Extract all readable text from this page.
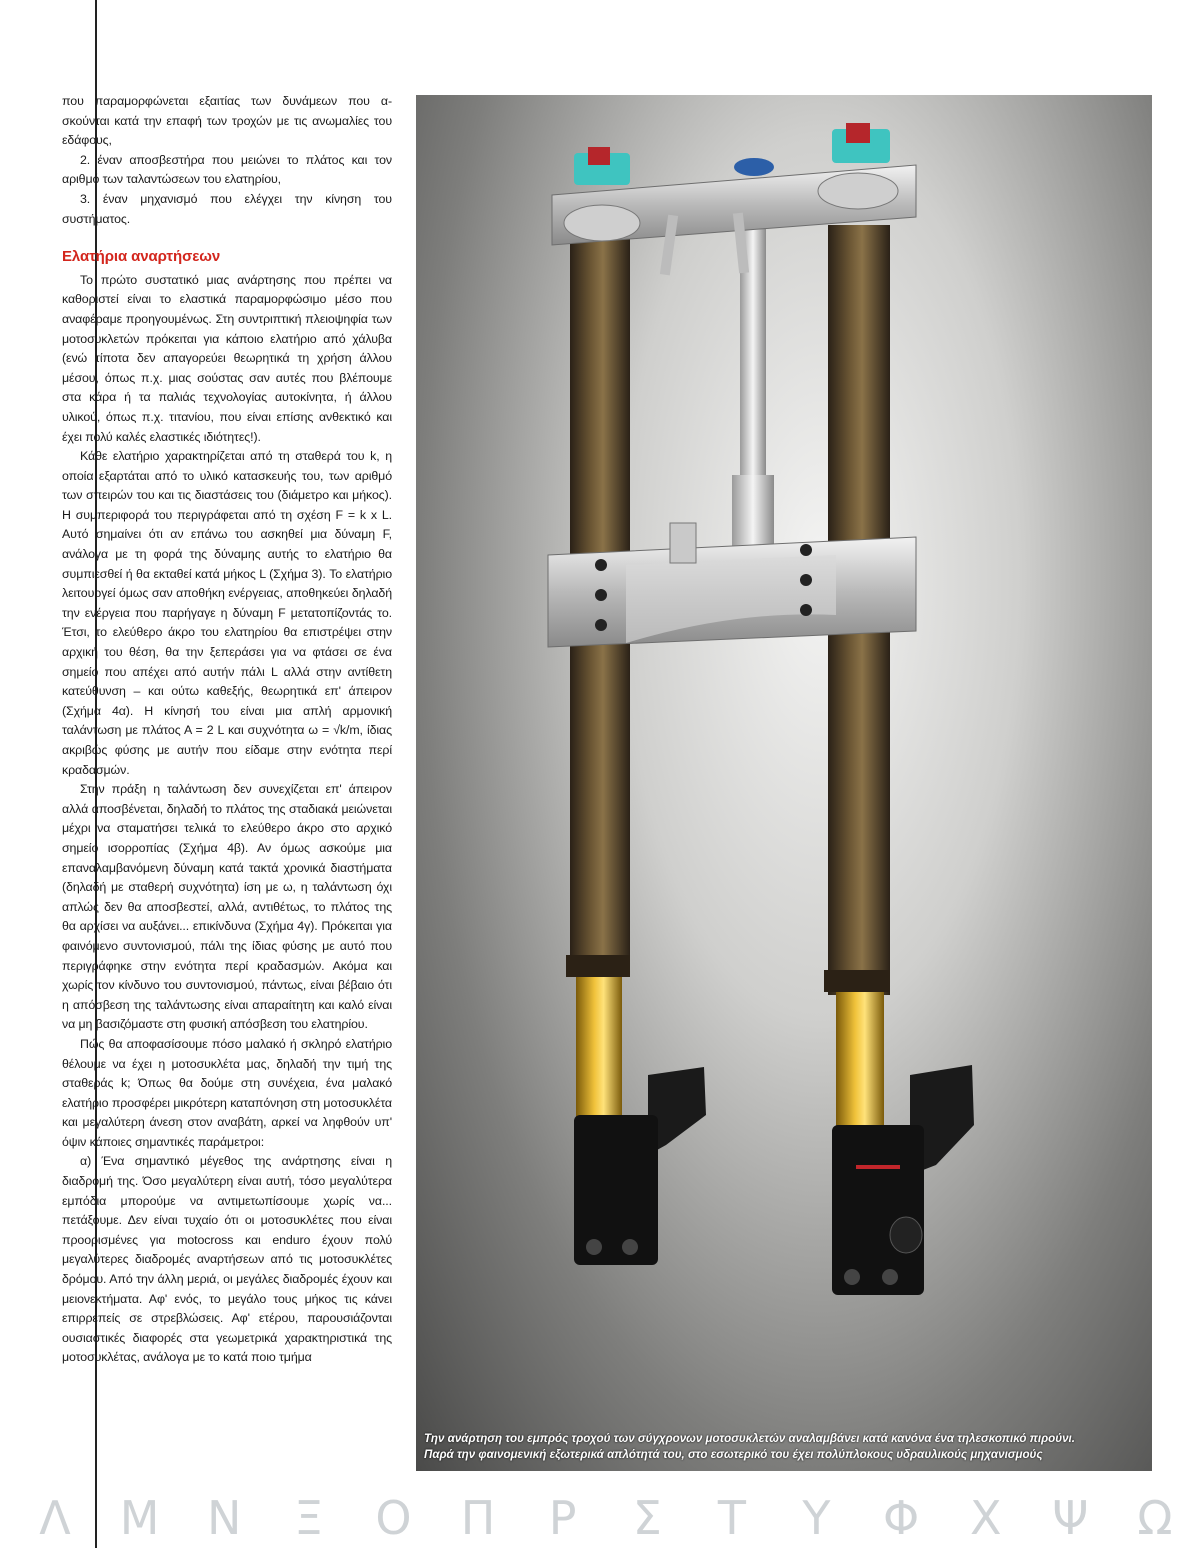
που παραμορφώνεται εξαιτίας των δυνάμεων που α-σκούνται κατά την επαφή των τροχών με τις ανωμαλίες του εδάφους,

2. έναν αποσβεστήρα που μειώνει το πλάτος και τον αριθμό των ταλαντώσεων του ελατηρίου,

3. έναν μηχανισμό που ελέγχει την κίνηση του συστήματος.

Ελατήρια αναρτήσεων

Το πρώτο συστατικό μιας ανάρτησης που πρέπει να καθοριστεί είναι το ελαστικά παραμορφώσιμο μέσο που αναφέραμε προηγουμένως. Στη συντριπτική πλειοψηφία των μοτοσυκλετών πρόκειται για κάποιο ελατήριο από χάλυβα (ενώ τίποτα δεν απαγορεύει θεωρητικά τη χρήση άλλου μέσου, όπως π.χ. μιας σούστας σαν αυτές που βλέπουμε στα κάρα ή τα παλιάς τεχνολογίας αυτοκίνητα, ή άλλου υλικού, όπως π.χ. τιτανίου, που είναι επίσης ανθεκτικό και έχει πολύ καλές ελαστικές ιδιότητες!).

Κάθε ελατήριο χαρακτηρίζεται από τη σταθερά του k, η οποία εξαρτάται από το υλικό κατασκευής του, των αριθμό των σπειρών του και τις διαστάσεις του (διάμετρο και μήκος). Η συμπεριφορά του περιγράφεται από τη σχέση F = k x L. Αυτό σημαίνει ότι αν επάνω του ασκηθεί μια δύναμη F, ανάλογα με τη φορά της δύναμης αυτής το ελατήριο θα συμπιεσθεί ή θα εκταθεί κατά μήκος L (Σχήμα 3). Το ελατήριο λειτουργεί όμως σαν αποθήκη ενέργειας, αποθηκεύει δηλαδή την ενέργεια που παρήγαγε η δύναμη F μετατοπίζοντάς το. Έτσι, το ελεύθερο άκρο του ελατηρίου θα επιστρέψει στην αρχική του θέση, θα την ξεπεράσει για να φτάσει σε ένα σημείο που απέχει από αυτήν πάλι L αλλά στην αντίθετη κατεύθυνση – και ούτω καθεξής, θεωρητικά επ' άπειρον (Σχήμα 4α). Η κίνησή του είναι μια απλή αρμονική ταλάντωση με πλάτος Α = 2 L και συχνότητα ω = √k/m, ίδιας ακριβώς φύσης με αυτήν που είδαμε στην ενότητα περί κραδασμών.

Στην πράξη η ταλάντωση δεν συνεχίζεται επ' άπειρον αλλά αποσβένεται, δηλαδή το πλάτος της σταδιακά μειώνεται μέχρι να σταματήσει τελικά το ελεύθερο άκρο στο αρχικό σημείο ισορροπίας (Σχήμα 4β). Αν όμως ασκούμε μια επαναλαμβανόμενη δύναμη κατά τακτά χρονικά διαστήματα (δηλαδή με σταθερή συχνότητα) ίση με ω, η ταλάντωση όχι απλώς δεν θα αποσβεστεί, αλλά, αντιθέτως, το πλάτος της θα αρχίσει να αυξάνει... επικίνδυνα (Σχήμα 4γ). Πρόκειται για φαινόμενο συντονισμού, πάλι της ίδιας φύσης με αυτό που περιγράφηκε στην ενότητα περί κραδασμών. Ακόμα και χωρίς τον κίνδυνο του συντονισμού, πάντως, είναι βέβαιο ότι η απόσβεση της ταλάντωσης είναι απαραίτητη και καλό είναι να μη βασιζόμαστε στη φυσική απόσβεση του ελατηρίου.

Πώς θα αποφασίσουμε πόσο μαλακό ή σκληρό ελατήριο θέλουμε να έχει η μοτοσυκλέτα μας, δηλαδή την τιμή της σταθεράς k; Όπως θα δούμε στη συνέχεια, ένα μαλακό ελατήριο προσφέρει μικρότερη καταπόνηση στη μοτοσυκλέτα και μεγαλύτερη άνεση στον αναβάτη, αρκεί να ληφθούν υπ' όψιν κάποιες σημαντικές παράμετροι:

α) Ένα σημαντικό μέγεθος της ανάρτησης είναι η διαδρομή της. Όσο μεγαλύτερη είναι αυτή, τόσο μεγαλύτερα εμπόδια μπορούμε να αντιμετωπίσουμε χωρίς να... πετάξουμε. Δεν είναι τυχαίο ότι οι μοτοσυκλέτες που είναι προορισμένες για motocross και enduro έχουν πολύ μεγαλύτερες διαδρομές αναρτήσεων από τις μοτοσυκλέτες δρόμου. Από την άλλη μεριά, οι μεγάλες διαδρομές έχουν και μειονεκτήματα. Αφ' ενός, το μεγάλο τους μήκος τις κάνει επιρρεπείς σε στρεβλώσεις. Αφ' ετέρου, παρουσιάζονται ουσιαστικές διαφορές στα γεωμετρικά χαρακτηριστικά της μοτοσυκλέτας, ανάλογα με το κατά ποιο τμήμα

Την ανάρτηση του εμπρός τροχού των σύγχρονων μοτοσυκλετών αναλαμβάνει κατά κανόνα ένα τηλεσκοπικό πιρούνι.
Παρά την φαινομενική εξωτερικά απλότητά του, στο εσωτερικό του έχει πολύπλοκους υδραυλικούς μηχανισμούς
Λ	Μ	Ν	Ξ	Ο	Π	Ρ	Σ	Τ	Υ	Φ	Χ	Ψ	Ω
